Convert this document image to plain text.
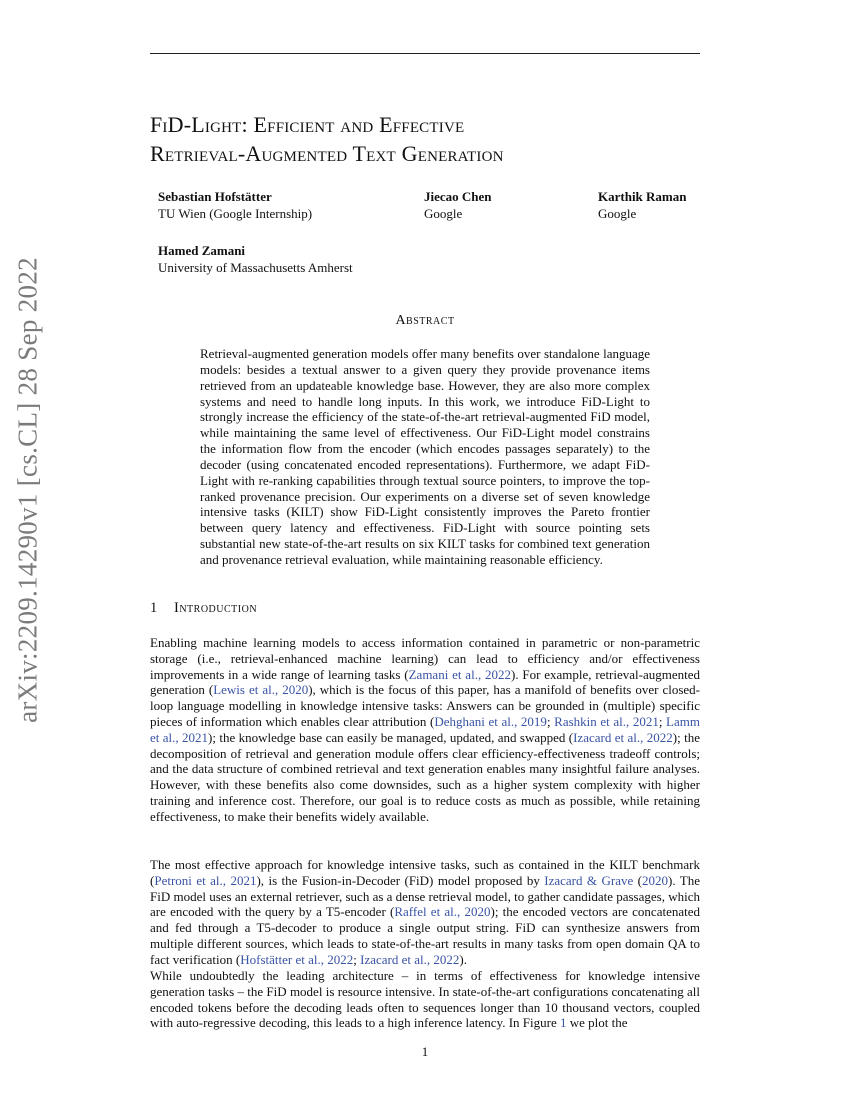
arXiv:2209.14290v1 [cs.CL] 28 Sep 2022
FiD-Light: Efficient and Effective
Retrieval-Augmented Text Generation
Sebastian Hofstätter
TU Wien (Google Internship)
Jiecao Chen
Google
Karthik Raman
Google
Hamed Zamani
University of Massachusetts Amherst
Abstract

Retrieval-augmented generation models offer many benefits over standalone language models: besides a textual answer to a given query they provide provenance items retrieved from an updateable knowledge base. However, they are also more complex systems and need to handle long inputs. In this work, we introduce FiD-Light to strongly increase the efficiency of the state-of-the-art retrieval-augmented FiD model, while maintaining the same level of effectiveness. Our FiD-Light model constrains the information flow from the encoder (which encodes passages separately) to the decoder (using concatenated encoded representations). Furthermore, we adapt FiD-Light with re-ranking capabilities through textual source pointers, to improve the top-ranked provenance precision. Our experiments on a diverse set of seven knowledge intensive tasks (KILT) show FiD-Light consistently improves the Pareto frontier between query latency and effectiveness. FiD-Light with source pointing sets substantial new state-of-the-art results on six KILT tasks for combined text generation and provenance retrieval evaluation, while maintaining reasonable efficiency.

1 Introduction

Enabling machine learning models to access information contained in parametric or non-parametric storage (i.e., retrieval-enhanced machine learning) can lead to efficiency and/or effectiveness improvements in a wide range of learning tasks (Zamani et al., 2022). For example, retrieval-augmented generation (Lewis et al., 2020), which is the focus of this paper, has a manifold of benefits over closed-loop language modelling in knowledge intensive tasks: Answers can be grounded in (multiple) specific pieces of information which enables clear attribution (Dehghani et al., 2019; Rashkin et al., 2021; Lamm et al., 2021); the knowledge base can easily be managed, updated, and swapped (Izacard et al., 2022); the decomposition of retrieval and generation module offers clear efficiency-effectiveness tradeoff controls; and the data structure of combined retrieval and text generation enables many insightful failure analyses. However, with these benefits also come downsides, such as a higher system complexity with higher training and inference cost. Therefore, our goal is to reduce costs as much as possible, while retaining effectiveness, to make their benefits widely available.

The most effective approach for knowledge intensive tasks, such as contained in the KILT benchmark (Petroni et al., 2021), is the Fusion-in-Decoder (FiD) model proposed by Izacard & Grave (2020). The FiD model uses an external retriever, such as a dense retrieval model, to gather candidate passages, which are encoded with the query by a T5-encoder (Raffel et al., 2020); the encoded vectors are concatenated and fed through a T5-decoder to produce a single output string. FiD can synthesize answers from multiple different sources, which leads to state-of-the-art results in many tasks from open domain QA to fact verification (Hofstätter et al., 2022; Izacard et al., 2022).

While undoubtedly the leading architecture – in terms of effectiveness for knowledge intensive generation tasks – the FiD model is resource intensive. In state-of-the-art configurations concatenating all encoded tokens before the decoding leads often to sequences longer than 10 thousand vectors, coupled with auto-regressive decoding, this leads to a high inference latency. In Figure 1 we plot the

1
